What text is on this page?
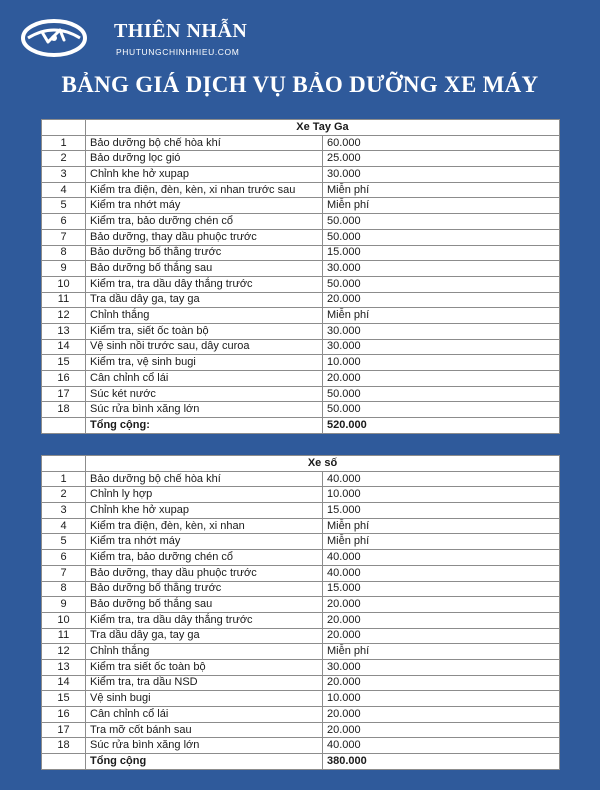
THIÊN NHẪN
PHUTUNGCHINHHIEU.COM
BẢNG GIÁ DỊCH VỤ BẢO DƯỠNG XE MÁY
	Xe Tay Ga	
1	Bảo dưỡng bộ chế hòa khí	60.000
2	Bảo dưỡng lọc gió	25.000
3	Chỉnh khe hở xupap	30.000
4	Kiểm tra điện, đèn, kèn, xi nhan trước sau	Miễn phí
5	Kiểm tra nhớt máy	Miễn phí
6	Kiểm tra, bảo dưỡng chén cổ	50.000
7	Bảo dưỡng, thay dầu phuộc trước	50.000
8	Bảo dưỡng bố thắng trước	15.000
9	Bảo dưỡng bố thắng sau	30.000
10	Kiểm tra, tra dầu dây thắng trước	50.000
11	Tra dầu dây ga, tay ga	20.000
12	Chỉnh thắng	Miễn phí
13	Kiểm tra, siết ốc toàn bộ	30.000
14	Vệ sinh nồi trước sau, dây curoa	30.000
15	Kiểm tra, vệ sinh bugi	10.000
16	Cân chỉnh cổ lái	20.000
17	Súc két nước	50.000
18	Súc rửa bình xăng lớn	50.000
	Tổng cộng:	520.000
	Xe số	
1	Bảo dưỡng bộ chế hòa khí	40.000
2	Chỉnh ly hợp	10.000
3	Chỉnh khe hở xupap	15.000
4	Kiểm tra điện, đèn, kèn, xi nhan	Miễn phí
5	Kiểm tra nhớt máy	Miễn phí
6	Kiểm tra, bảo dưỡng chén cổ	40.000
7	Bảo dưỡng, thay dầu phuộc trước	40.000
8	Bảo dưỡng bố thắng trước	15.000
9	Bảo dưỡng bố thắng sau	20.000
10	Kiểm tra, tra dầu dây thắng trước	20.000
11	Tra dầu dây ga, tay ga	20.000
12	Chỉnh thắng	Miễn phí
13	Kiểm tra siết ốc toàn bộ	30.000
14	Kiểm tra, tra dầu NSD	20.000
15	Vệ sinh bugi	10.000
16	Cân chỉnh cổ lái	20.000
17	Tra mỡ cốt bánh sau	20.000
18	Súc rửa bình xăng lớn	40.000
	Tổng cộng	380.000
